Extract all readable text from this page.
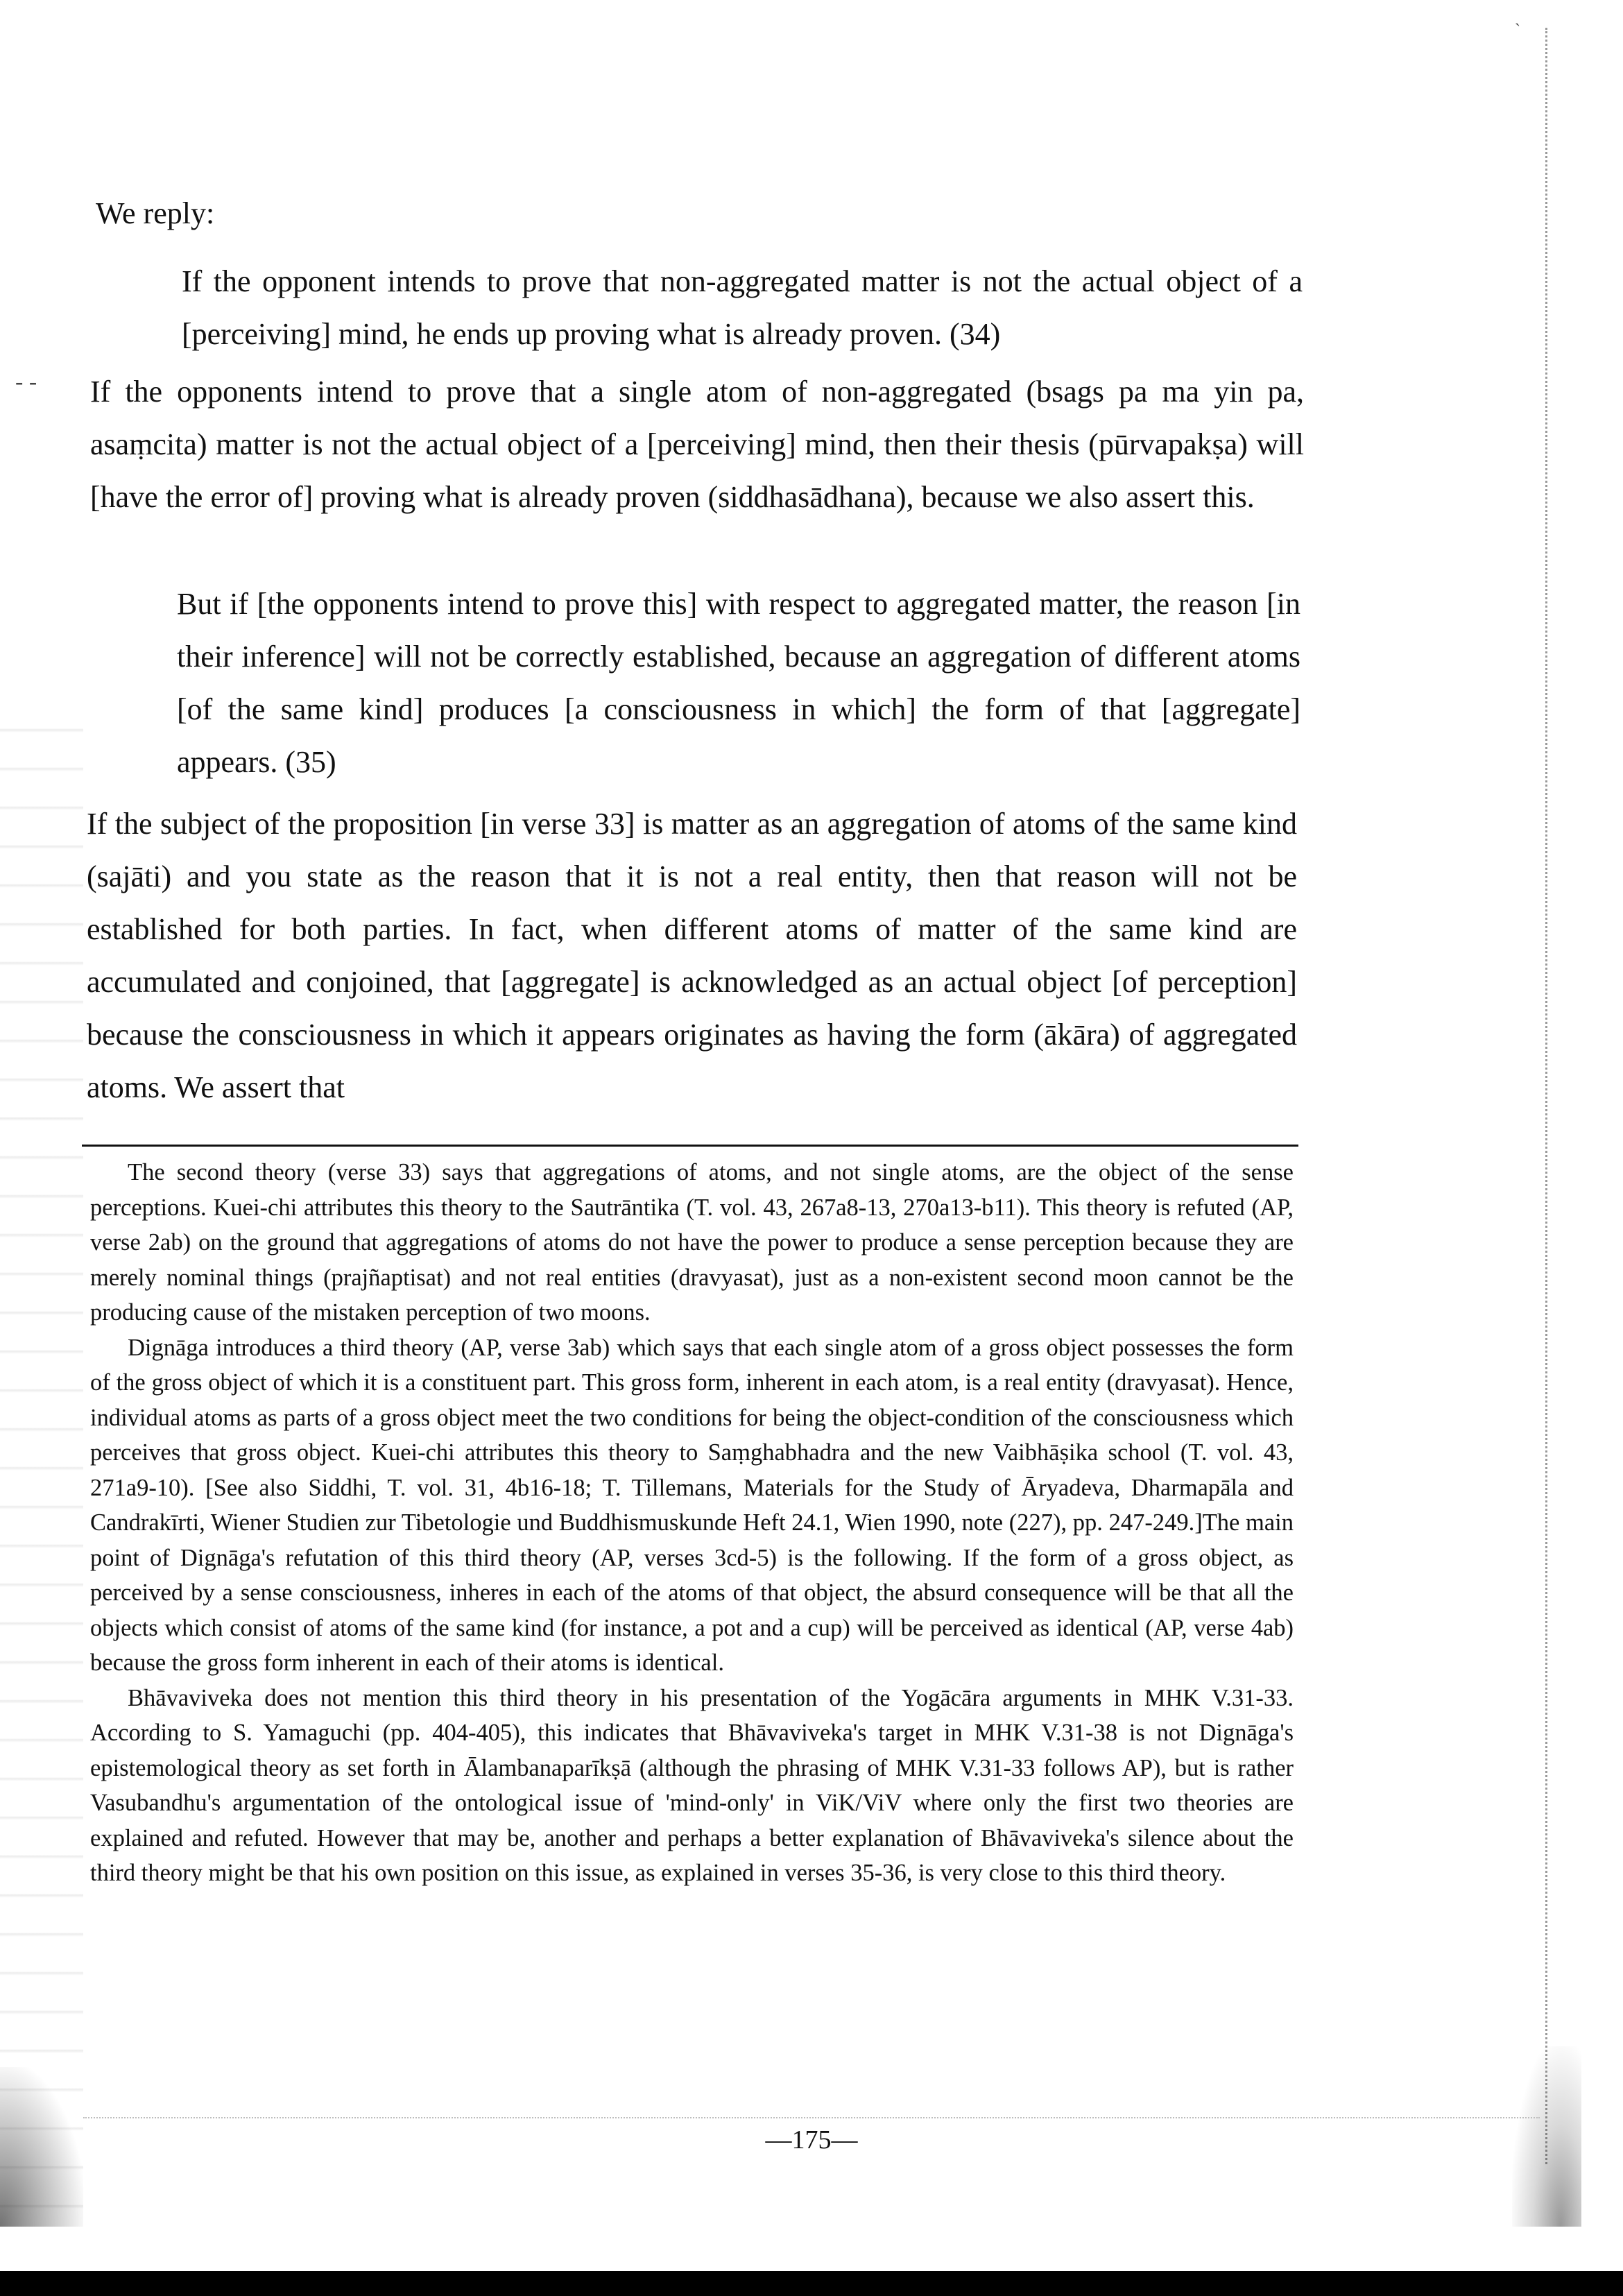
ˎ
- -
We reply:
If the opponent intends to prove that non-aggregated matter is not the actual object of a [perceiving] mind, he ends up proving what is already proven. (34)
If the opponents intend to prove that a single atom of non-aggregated (bsags pa ma yin pa, asaṃcita) matter is not the actual object of a [perceiving] mind, then their thesis (pūrvapakṣa) will [have the error of] proving what is already proven (siddhasādhana), because we also assert this.
But if [the opponents intend to prove this] with respect to aggregated matter, the reason [in their inference] will not be correctly established, because an aggregation of different atoms [of the same kind] produces [a consciousness in which] the form of that [aggregate] appears. (35)
If the subject of the proposition [in verse 33] is matter as an aggregation of atoms of the same kind (sajāti) and you state as the reason that it is not a real entity, then that reason will not be established for both parties. In fact, when different atoms of matter of the same kind are accumulated and conjoined, that [aggregate] is acknowledged as an actual object [of perception] because the consciousness in which it appears originates as having the form (ākāra) of aggregated atoms. We assert that

The second theory (verse 33) says that aggregations of atoms, and not single atoms, are the object of the sense perceptions. Kuei-chi attributes this theory to the Sautrāntika (T. vol. 43, 267a8-13, 270a13-b11). This theory is refuted (AP, verse 2ab) on the ground that aggregations of atoms do not have the power to produce a sense perception because they are merely nominal things (prajñaptisat) and not real entities (dravyasat), just as a non-existent second moon cannot be the producing cause of the mistaken perception of two moons.

Dignāga introduces a third theory (AP, verse 3ab) which says that each single atom of a gross object possesses the form of the gross object of which it is a constituent part. This gross form, inherent in each atom, is a real entity (dravyasat). Hence, individual atoms as parts of a gross object meet the two conditions for being the object-condition of the consciousness which perceives that gross object. Kuei-chi attributes this theory to Saṃghabhadra and the new Vaibhāṣika school (T. vol. 43, 271a9-10). [See also Siddhi, T. vol. 31, 4b16-18; T. Tillemans, Materials for the Study of Āryadeva, Dharmapāla and Candrakīrti, Wiener Studien zur Tibetologie und Buddhismuskunde Heft 24.1, Wien 1990, note (227), pp. 247-249.]The main point of Dignāga's refutation of this third theory (AP, verses 3cd-5) is the following. If the form of a gross object, as perceived by a sense consciousness, inheres in each of the atoms of that object, the absurd consequence will be that all the objects which consist of atoms of the same kind (for instance, a pot and a cup) will be perceived as identical (AP, verse 4ab) because the gross form inherent in each of their atoms is identical.

Bhāvaviveka does not mention this third theory in his presentation of the Yogācāra arguments in MHK V.31-33. According to S. Yamaguchi (pp. 404-405), this indicates that Bhāvaviveka's target in MHK V.31-38 is not Dignāga's epistemological theory as set forth in Ālambanaparīkṣā (although the phrasing of MHK V.31-33 follows AP), but is rather Vasubandhu's argumentation of the ontological issue of 'mind-only' in ViK/ViV where only the first two theories are explained and refuted. However that may be, another and perhaps a better explanation of Bhāvaviveka's silence about the third theory might be that his own position on this issue, as explained in verses 35-36, is very close to this third theory.

—175—
